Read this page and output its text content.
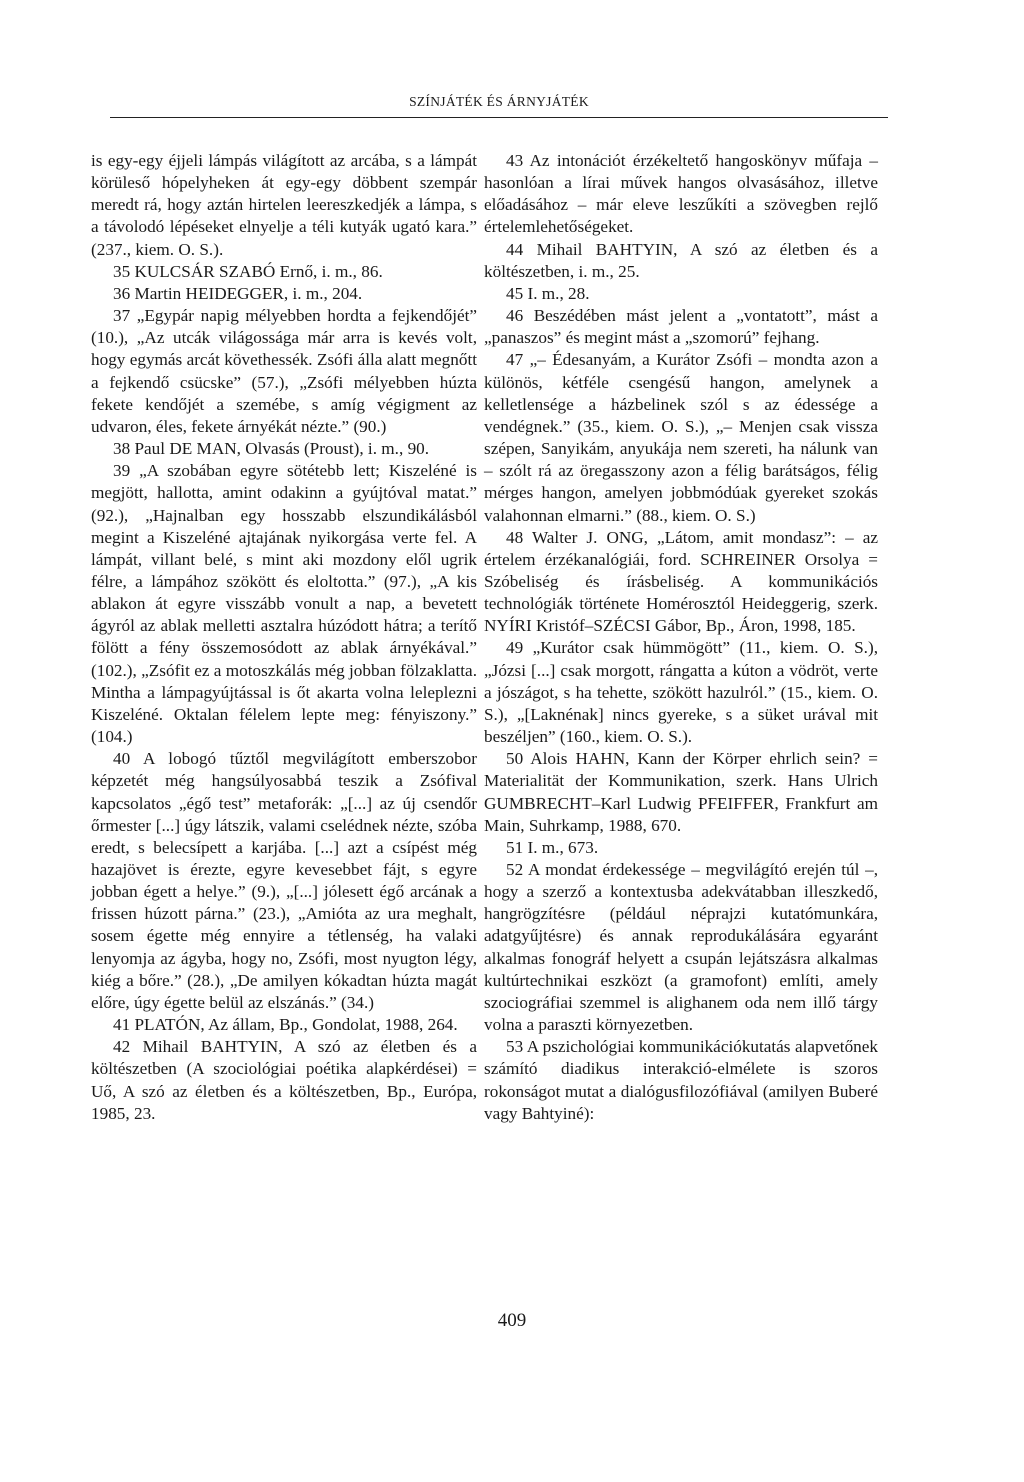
SZÍNJÁTÉK ÉS ÁRNYJÁTÉK

is egy-egy éjjeli lámpás világított az arcába, s a lámpát körüleső hópelyheken át egy-egy döbbent szempár meredt rá, hogy aztán hirtelen leereszkedjék a lámpa, s a távolodó lépéseket elnyelje a téli kutyák ugató kara.” (237., kiem. O. S.).

35 KULCSÁR SZABÓ Ernő, i. m., 86.

36 Martin HEIDEGGER, i. m., 204.

37 „Egypár napig mélyebben hordta a fejkendőjét” (10.), „Az utcák világossága már arra is kevés volt, hogy egymás arcát követhessék. Zsófi álla alatt megnőtt a fejkendő csücske” (57.), „Zsófi mélyebben húzta fekete kendőjét a szemébe, s amíg végigment az udvaron, éles, fekete árnyékát nézte.” (90.)

38 Paul DE MAN, Olvasás (Proust), i. m., 90.

39 „A szobában egyre sötétebb lett; Kiszeléné is megjött, hallotta, amint odakinn a gyújtóval matat.” (92.), „Hajnalban egy hosszabb elszundikálásból megint a Kiszeléné ajtajának nyikorgása verte fel. A lámpát, villant belé, s mint aki mozdony elől ugrik félre, a lámpához szökött és eloltotta.” (97.), „A kis ablakon át egyre visszább vonult a nap, a bevetett ágyról az ablak melletti asztalra húzódott hátra; a terítő fölött a fény összemosódott az ablak árnyékával.” (102.), „Zsófit ez a motoszkálás még jobban fölzaklatta. Mintha a lámpagyújtással is őt akarta volna leleplezni Kiszeléné. Oktalan félelem lepte meg: fényiszony.” (104.)

40 A lobogó tűztől megvilágított emberszobor képzetét még hangsúlyosabbá teszik a Zsófival kapcsolatos „égő test” metaforák: „[...] az új csendőr őrmester [...] úgy látszik, valami cselédnek nézte, szóba eredt, s belecsípett a karjába. [...] azt a csípést még hazajövet is érezte, egyre kevesebbet fájt, s egyre jobban égett a helye.” (9.), „[...] jólesett égő arcának a frissen húzott párna.” (23.), „Amióta az ura meghalt, sosem égette még ennyire a tétlenség, ha valaki lenyomja az ágyba, hogy no, Zsófi, most nyugton légy, kiég a bőre.” (28.), „De amilyen kókadtan húzta magát előre, úgy égette belül az elszánás.” (34.)

41 PLATÓN, Az állam, Bp., Gondolat, 1988, 264.

42 Mihail BAHTYIN, A szó az életben és a költészetben (A szociológiai poétika alapkérdései) = Uő, A szó az életben és a költészetben, Bp., Európa, 1985, 23.

43 Az intonációt érzékeltető hangoskönyv műfaja – hasonlóan a lírai művek hangos olvasásához, illetve előadásához – már eleve leszűkíti a szövegben rejlő értelemlehetőségeket.

44 Mihail BAHTYIN, A szó az életben és a költészetben, i. m., 25.

45 I. m., 28.

46 Beszédében mást jelent a „vontatott”, mást a „panaszos” és megint mást a „szomorú” fejhang.

47 „– Édesanyám, a Kurátor Zsófi – mondta azon a különös, kétféle csengésű hangon, amelynek a kelletlensége a házbelinek szól s az édessége a vendégnek.” (35., kiem. O. S.), „– Menjen csak vissza szépen, Sanyikám, anyukája nem szereti, ha nálunk van – szólt rá az öregasszony azon a félig barátságos, félig mérges hangon, amelyen jobbmódúak gyereket szokás valahonnan elmarni.” (88., kiem. O. S.)

48 Walter J. ONG, „Látom, amit mondasz”: – az értelem érzékanalógiái, ford. SCHREINER Orsolya = Szóbeliség és írásbeliség. A kommunikációs technológiák története Homérosztól Heideggerig, szerk. NYÍRI Kristóf–SZÉCSI Gábor, Bp., Áron, 1998, 185.

49 „Kurátor csak hümmögött” (11., kiem. O. S.), „Józsi [...] csak morgott, rángatta a kúton a vödröt, verte a jószágot, s ha tehette, szökött hazulról.” (15., kiem. O. S.), „[Laknénak] nincs gyereke, s a süket urával mit beszéljen” (160., kiem. O. S.).

50 Alois HAHN, Kann der Körper ehrlich sein? = Materialität der Kommunikation, szerk. Hans Ulrich GUMBRECHT–Karl Ludwig PFEIFFER, Frankfurt am Main, Suhrkamp, 1988, 670.

51 I. m., 673.

52 A mondat érdekessége – megvilágító erején túl –, hogy a szerző a kontextusba adekvátabban illeszkedő, hangrögzítésre (például néprajzi kutatómunkára, adatgyűjtésre) és annak reprodukálására egyaránt alkalmas fonográf helyett a csupán lejátszásra alkalmas kultúrtechnikai eszközt (a gramofont) említi, amely szociográfiai szemmel is alighanem oda nem illő tárgy volna a paraszti környezetben.

53 A pszichológiai kommunikációkutatás alapvetőnek számító diadikus interakció-elmélete is szoros rokonságot mutat a dialógusfilozófiával (amilyen Buberé vagy Bahtyiné):

409
